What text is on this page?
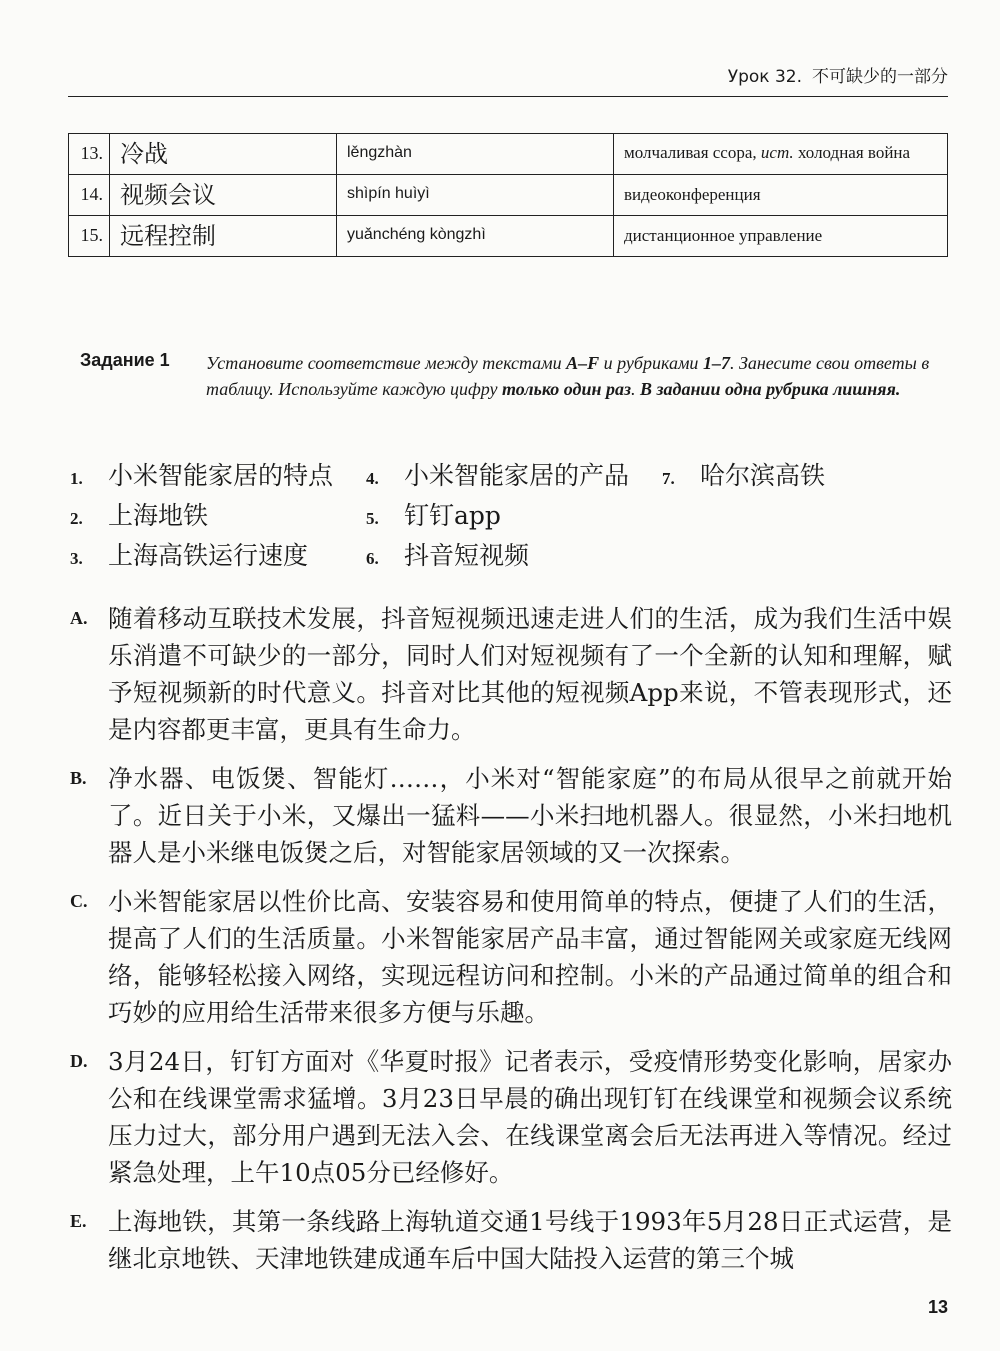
Урок 32. 不可缺少的一部分
13.	冷战	lěngzhàn	молчаливая ссора, ист. холодная война
14.	视频会议	shìpín huìyì	видеоконференция
15.	远程控制	yuǎnchéng kòngzhì	дистанционное управление
Задание 1 Установите соответствие между текстами A–F и рубриками 1–7. Занесите свои ответы в таблицу. Используйте каждую цифру только один раз. В задании одна рубрика лишняя.
1. 小米智能家居的特点
2. 上海地铁
3. 上海高铁运行速度
4. 小米智能家居的产品
5. 钉钉app
6. 抖音短视频
7. 哈尔滨高铁
A. 随着移动互联技术发展，抖音短视频迅速走进人们的生活，成为我们生活中娱乐消遣不可缺少的一部分，同时人们对短视频有了一个全新的认知和理解，赋予短视频新的时代意义。抖音对比其他的短视频App来说，不管表现形式，还是内容都更丰富，更具有生命力。
B. 净水器、电饭煲、智能灯……，小米对“智能家庭”的布局从很早之前就开始了。近日关于小米，又爆出一猛料——小米扫地机器人。很显然，小米扫地机器人是小米继电饭煲之后，对智能家居领域的又一次探索。
C. 小米智能家居以性价比高、安装容易和使用简单的特点，便捷了人们的生活，提高了人们的生活质量。小米智能家居产品丰富，通过智能网关或家庭无线网络，能够轻松接入网络，实现远程访问和控制。小米的产品通过简单的组合和巧妙的应用给生活带来很多方便与乐趣。
D. 3月24日，钉钉方面对《华夏时报》记者表示，受疫情形势变化影响，居家办公和在线课堂需求猛增。3月23日早晨的确出现钉钉在线课堂和视频会议系统压力过大，部分用户遇到无法入会、在线课堂离会后无法再进入等情况。经过紧急处理，上午10点05分已经修好。
E. 上海地铁，其第一条线路上海轨道交通1号线于1993年5月28日正式运营，是继北京地铁、天津地铁建成通车后中国大陆投入运营的第三个城
13
